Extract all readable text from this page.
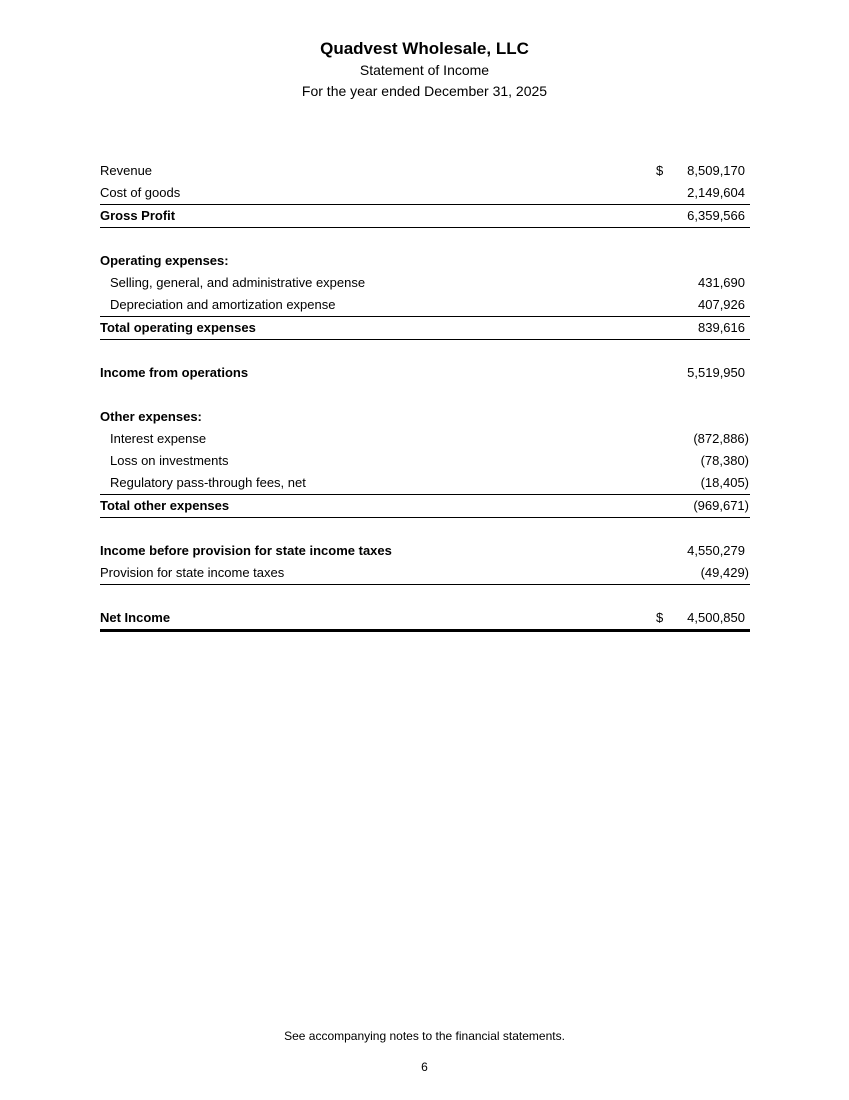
Quadvest Wholesale, LLC
Statement of Income
For the year ended December 31, 2025
Revenue	$ 8,509,170
Cost of goods	2,149,604
Gross Profit	6,359,566
Operating expenses:
Selling, general, and administrative expense	431,690
Depreciation and amortization expense	407,926
Total operating expenses	839,616
Income from operations	5,519,950
Other expenses:
Interest expense	(872,886)
Loss on investments	(78,380)
Regulatory pass-through fees, net	(18,405)
Total other expenses	(969,671)
Income before provision for state income taxes	4,550,279
Provision for state income taxes	(49,429)
Net Income	$ 4,500,850
See accompanying notes to the financial statements.
6
